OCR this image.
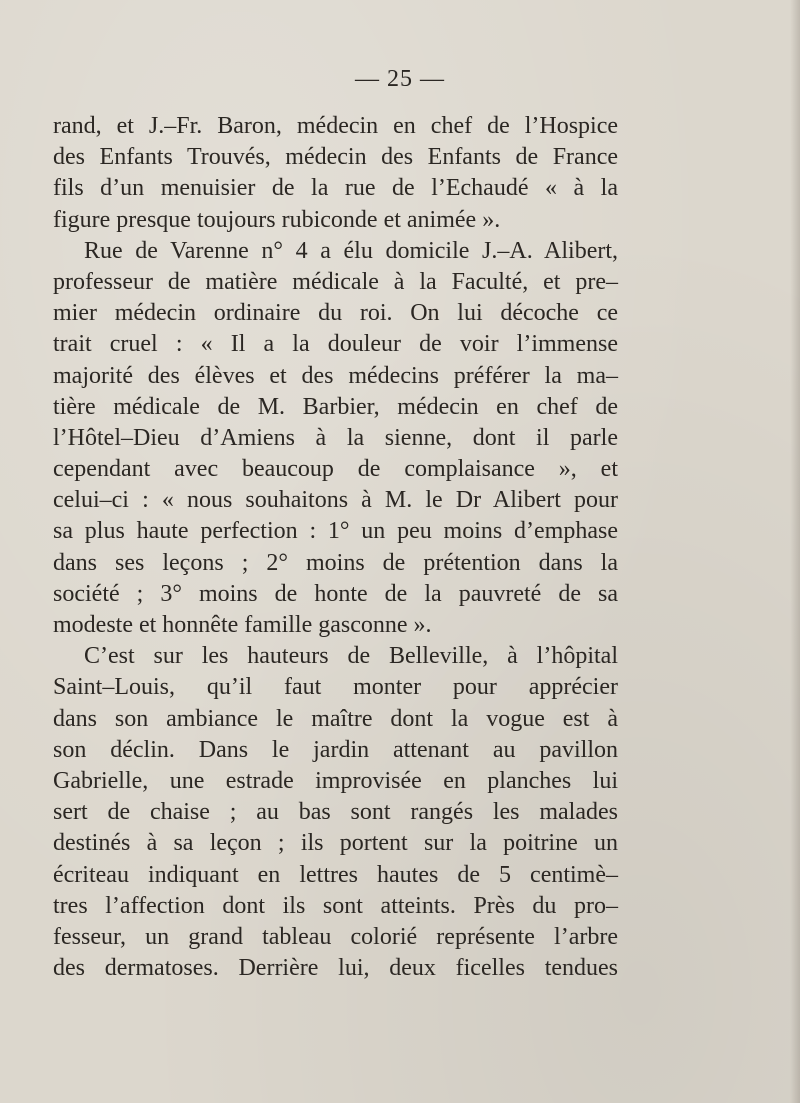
— 25 —
rand, et J.–Fr. Baron, médecin en chef de l’Hospice
des Enfants Trouvés, médecin des Enfants de France
fils d’un menuisier de la rue de l’Echaudé « à la
figure presque toujours rubiconde et animée ».
Rue de Varenne n° 4 a élu domicile J.–A. Alibert,
professeur de matière médicale à la Faculté, et pre–
mier médecin ordinaire du roi. On lui décoche ce
trait cruel : « Il a la douleur de voir l’immense
majorité des élèves et des médecins préférer la ma–
tière médicale de M. Barbier, médecin en chef de
l’Hôtel–Dieu d’Amiens à la sienne, dont il parle
cependant avec beaucoup de complaisance », et
celui–ci : « nous souhaitons à M. le Dr Alibert pour
sa plus haute perfection : 1° un peu moins d’emphase
dans ses leçons ; 2° moins de prétention dans la
société ; 3° moins de honte de la pauvreté de sa
modeste et honnête famille gasconne ».
C’est sur les hauteurs de Belleville, à l’hôpital
Saint–Louis, qu’il faut monter pour apprécier
dans son ambiance le maître dont la vogue est à
son déclin. Dans le jardin attenant au pavillon
Gabrielle, une estrade improvisée en planches lui
sert de chaise ; au bas sont rangés les malades
destinés à sa leçon ; ils portent sur la poitrine un
écriteau indiquant en lettres hautes de 5 centimè–
tres l’affection dont ils sont atteints. Près du pro–
fesseur, un grand tableau colorié représente l’arbre
des dermatoses. Derrière lui, deux ficelles tendues
